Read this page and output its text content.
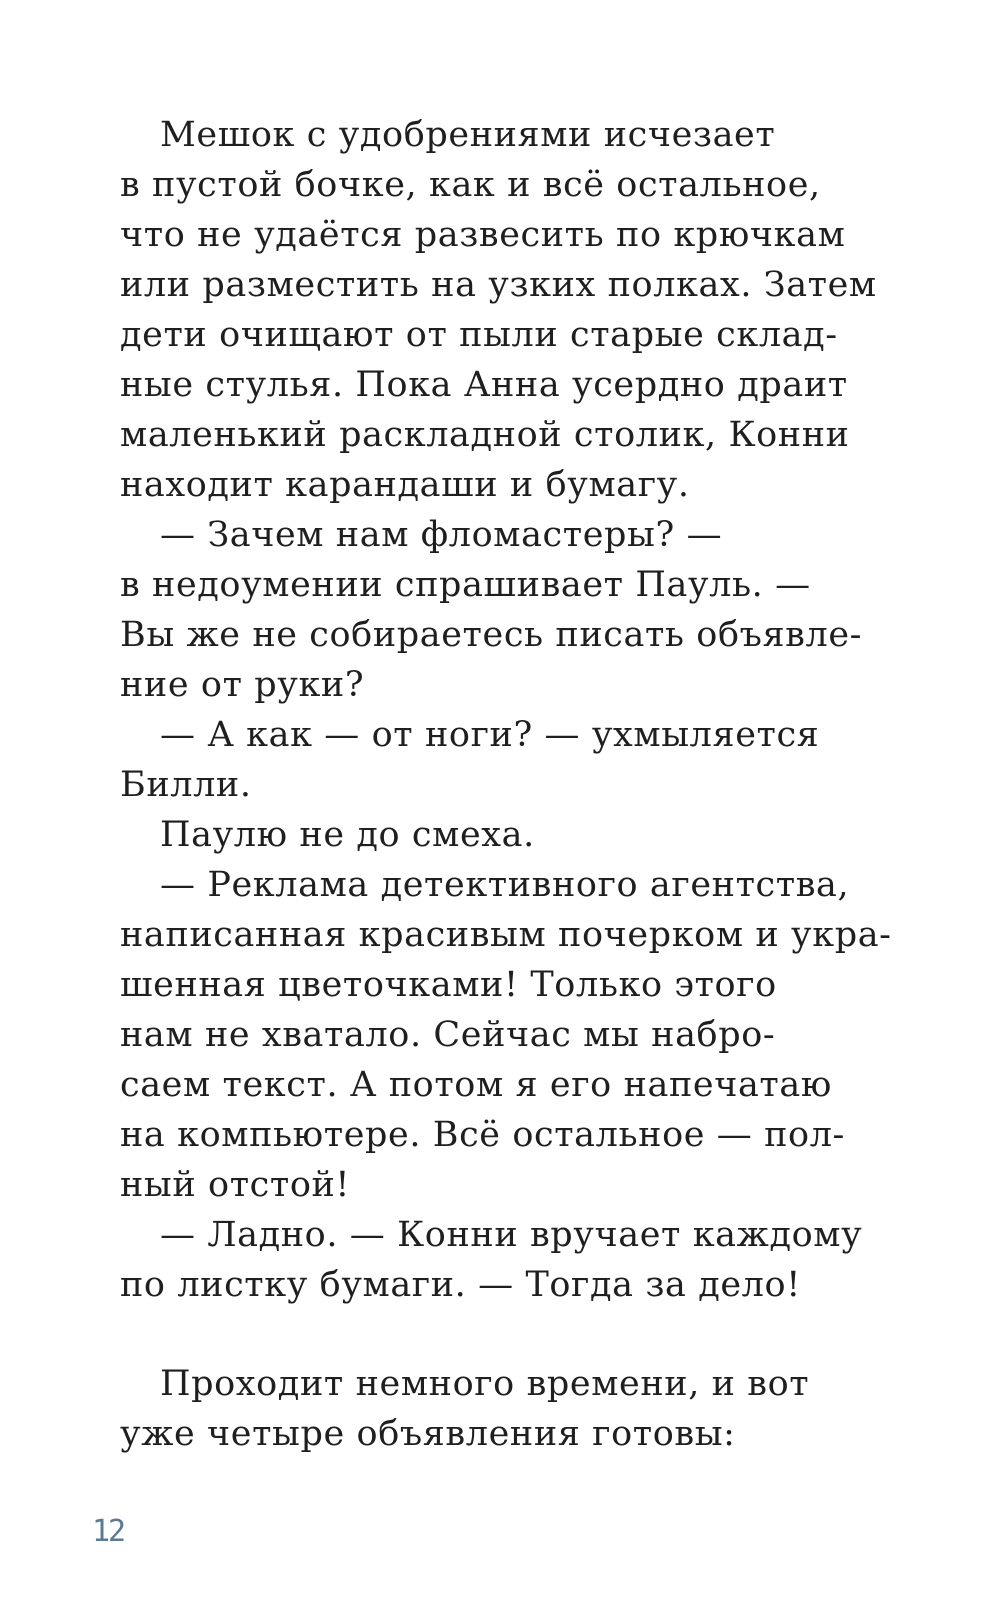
Мешок с удобрениями исчезает
в пустой бочке, как и всё остальное,
что не удаётся развесить по крючкам
или разместить на узких полках. Затем
дети очищают от пыли старые склад-
ные стулья. Пока Анна усердно драит
маленький раскладной столик, Конни
находит карандаши и бумагу.
— Зачем нам фломастеры? —
в недоумении спрашивает Пауль. —
Вы же не собираетесь писать объявле-
ние от руки?
— А как — от ноги? — ухмыляется
Билли.
Паулю не до смеха.
— Реклама детективного агентства,
написанная красивым почерком и укра-
шенная цветочками! Только этого
нам не хватало. Сейчас мы набро-
саем текст. А потом я его напечатаю
на компьютере. Всё остальное — пол-
ный отстой!
— Ладно. — Конни вручает каждому
по листку бумаги. — Тогда за дело!
Проходит немного времени, и вот
уже четыре объявления готовы:
12
